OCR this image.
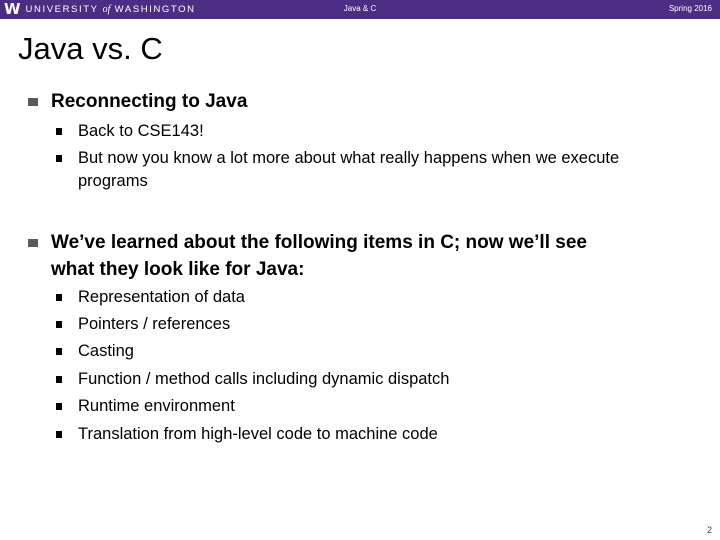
W UNIVERSITY of WASHINGTON	Java & C	Spring 2016
Java vs. C
Reconnecting to Java
Back to CSE143!
But now you know a lot more about what really happens when we execute
programs
We’ve learned about the following items in C; now we’ll see
what they look like for Java:
Representation of data
Pointers / references
Casting
Function / method calls including dynamic dispatch
Runtime environment
Translation from high-level code to machine code
2
